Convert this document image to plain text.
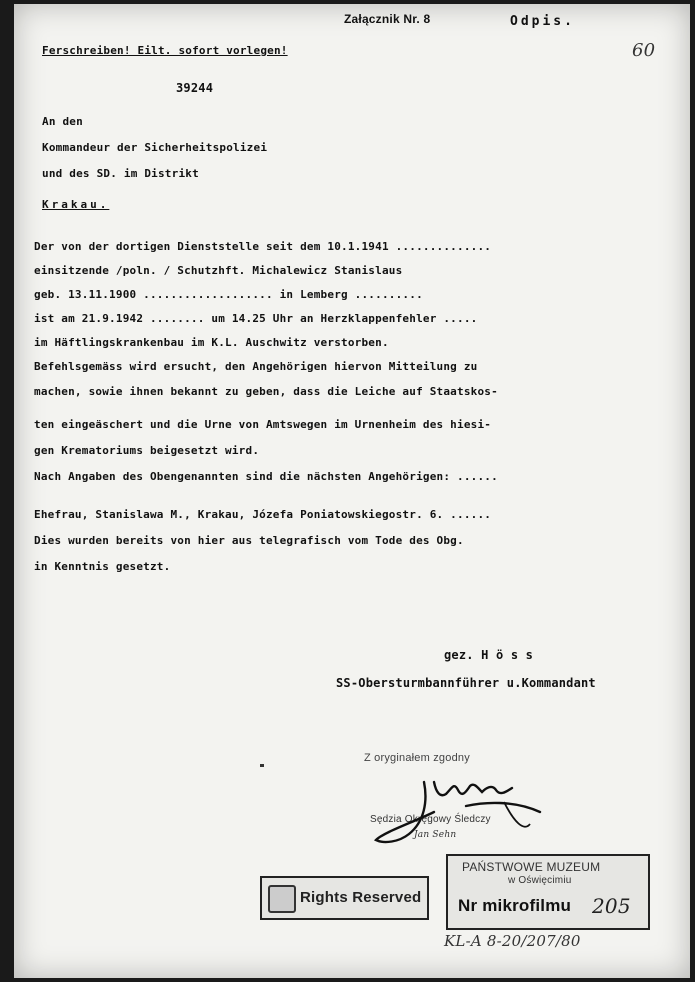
Załącznik Nr. 8	Odpis.
Ferschreiben! Eilt. sofort vorlegen!	60
39244
An den
Kommandeur der Sicherheitspolizei
und des SD. im Distrikt
Krakau.
Der von der dortigen Dienststelle seit dem 10.1.1941 ..............
einsitzende /poln. / Schutzhft. Michalewicz Stanislaus
geb. 13.11.1900 ................... in Lemberg ..........
ist am 21.9.1942 ........ um 14.25 Uhr an Herzklappenfehler .....
im Häftlingskrankenbau im K.L. Auschwitz verstorben.
Befehlsgemäss wird ersucht, den Angehörigen hiervon Mitteilung zu
machen, sowie ihnen bekannt zu geben, dass die Leiche auf Staatskos-
ten eingeäschert und die Urne von Amtswegen im Urnenheim des hiesi-
gen Krematoriums beigesetzt wird.
Nach Angaben des Obengenannten sind die nächsten Angehörigen: ......
Ehefrau, Stanislawa M., Krakau, Józefa Poniatowskiegostr. 6. ......
Dies wurden bereits von hier aus telegrafisch vom Tode des Obg.
in Kenntnis gesetzt.
gez. H ö s s
SS-Obersturmbannführer u.Kommandant
Z oryginałem zgodny
Sędzia Okręgowy Śledczy
Jan Sehn
Rights Reserved
PAŃSTWOWE MUZEUM
w Oświęcimiu
Nr mikrofilmu 205
KL-A 8-20/207/80
